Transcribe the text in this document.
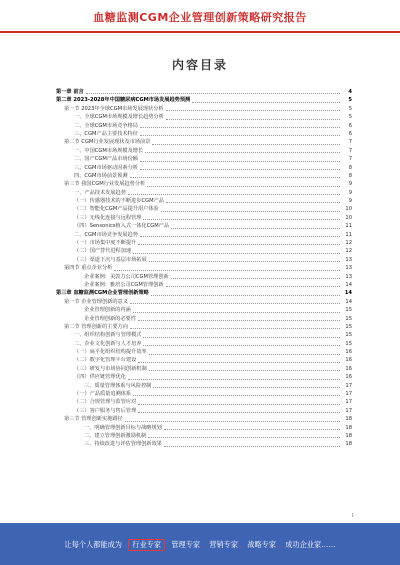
血糖监测CGM企业管理创新策略研究报告
内容目录
第一章 前言	4
第二章 2023-2028年中国糖尿病CGM市场发展趋势预测	5
第一节 2023年全球CGM市场发展现状分析	5
一、全球CGM市场规模及增长趋势分析	5
二、全球CGM市场竞争格局	6
三、CGM产品主要技术特征	6
第二节 CGM行业发展现状及市场前景	7
一、中国CGM市场规模及增长	7
二、国产CGM产品市场份额	7
三、CGM市场驱动因素分析	8
四、CGM市场前景预测	8
第三节 我国CGM行业发展趋势分析	9
一、产品技术发展趋势	9
（一）传感器技术的不断进步CGM产品	9
（二）智能化CGM产品提升用户体验	10
（三）无线化连接与远程管理	10
（四）Sensonics植入式一体化CGM产品	11
二、CGM市场竞争发展趋势	11
（一）市场集中度不断提升	12
（二）国产替代进程加速	12
（三）渠道下沉与基层市场拓展	13
第四节 重点企业分析	13
企业案例：美敦力公司CGM管理创新	13
企业案例：雅培公司CGM管理创新	14
第三章 血糖监测CGM企业管理创新策略	14
第一节 企业管理创新的意义	14
企业管理创新的内涵	15
企业管理创新的必要性	15
第二节 管理创新的主要方向	15
一、组织结构创新与管理模式	15
二、企业文化创新与人才培养	15
（一）扁平化组织结构提升效率	16
（二）数字化管理平台建设	16
（三）研发与市场协同创新机制	16
（四）供应链管理优化	16
三、质量管理体系与风险控制	17
（一）产品质量追溯体系	17
（二）合规管理与监管应对	17
（三）客户服务与售后管理	17
第三节 管理创新实施路径	18
一、明确管理创新目标与战略规划	18
二、建立管理创新激励机制	18
三、持续改进与评估管理创新效果	18
1
让每个人都能成为 行业专家 管理专家、营销专家、战略专家、成功企业家……
